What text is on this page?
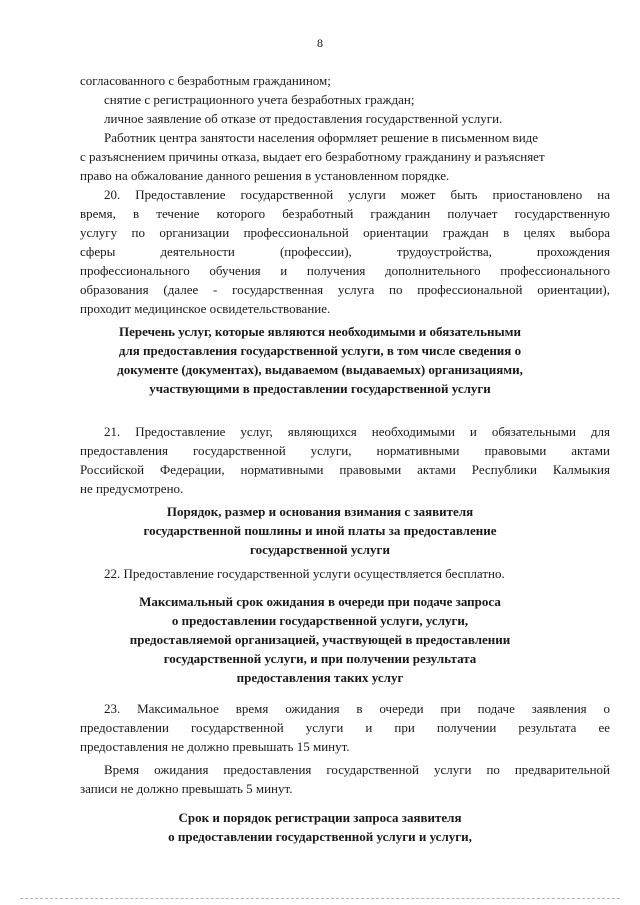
8
согласованного с безработным гражданином;
снятие с регистрационного учета безработных граждан;
личное заявление об отказе от предоставления государственной услуги.
Работник центра занятости населения оформляет решение в письменном виде
с разъяснением причины отказа, выдает его безработному гражданину и разъясняет
право на обжалование данного решения в установленном порядке.
20. Предоставление государственной услуги может быть приостановлено на
время, в течение которого безработный гражданин получает государственную
услугу по организации профессиональной ориентации граждан в целях выбора
сферы деятельности (профессии), трудоустройства, прохождения
профессионального обучения и получения дополнительного профессионального
образования (далее - государственная услуга по профессиональной ориентации),
проходит медицинское освидетельствование.
Перечень услуг, которые являются необходимыми и обязательными
для предоставления государственной услуги, в том числе сведения о
документе (документах), выдаваемом (выдаваемых) организациями,
участвующими в предоставлении государственной услуги
21. Предоставление услуг, являющихся необходимыми и обязательными для
предоставления государственной услуги, нормативными правовыми актами
Российской Федерации, нормативными правовыми актами Республики Калмыкия
не предусмотрено.
Порядок, размер и основания взимания с заявителя
государственной пошлины и иной платы за предоставление
государственной услуги
22. Предоставление государственной услуги осуществляется бесплатно.
Максимальный срок ожидания в очереди при подаче запроса
о предоставлении государственной услуги, услуги,
предоставляемой организацией, участвующей в предоставлении
государственной услуги, и при получении результата
предоставления таких услуг
23. Максимальное время ожидания в очереди при подаче заявления о
предоставлении государственной услуги и при получении результата ее
предоставления не должно превышать 15 минут.
Время ожидания предоставления государственной услуги по предварительной
записи не должно превышать 5 минут.
Срок и порядок регистрации запроса заявителя
о предоставлении государственной услуги и услуги,
